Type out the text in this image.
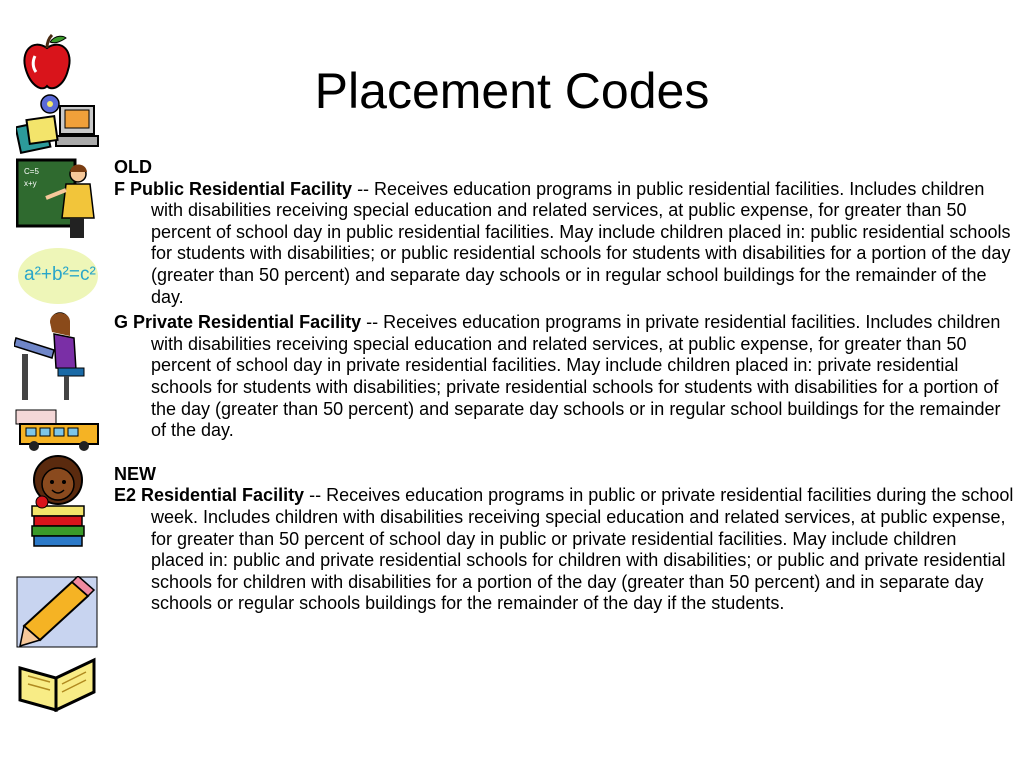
Placement Codes
C=5
x+y
a²+b²=c²

OLD

F Public Residential Facility -- Receives education programs in public residential facilities. Includes children with disabilities receiving special education and related services, at public expense, for greater than 50 percent of school day in public residential facilities. May include children placed in: public residential schools for students with disabilities; or public residential schools for students with disabilities for a portion of the day (greater than 50 percent) and separate day schools or in regular school buildings for the remainder of the day.

G Private Residential Facility -- Receives education programs in private residential facilities. Includes children with disabilities receiving special education and related services, at public expense, for greater than 50 percent of school day in private residential facilities. May include children placed in: private residential schools for students with disabilities; private residential schools for students with disabilities for a portion of the day (greater than 50 percent) and separate day schools or in regular school buildings for the remainder of the day.

NEW

E2 Residential Facility -- Receives education programs in public or private residential facilities during the school week. Includes children with disabilities receiving special education and related services, at public expense, for greater than 50 percent of school day in public or private residential facilities. May include children placed in: public and private residential schools for children with disabilities; or public and private residential schools for children with disabilities for a portion of the day (greater than 50 percent) and in separate day schools or regular schools buildings for the remainder of the day if the students.
